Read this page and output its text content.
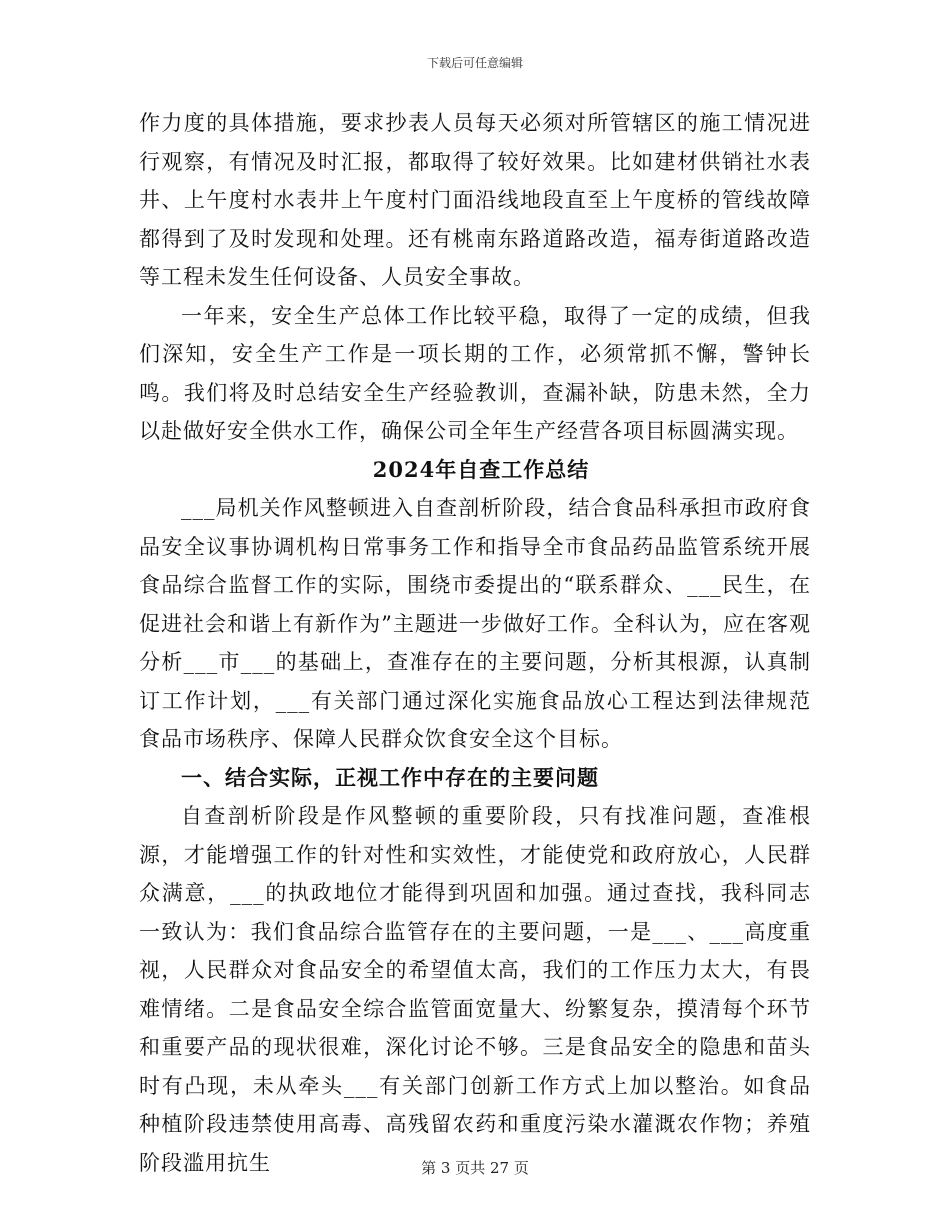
下载后可任意编辑

作力度的具体措施，要求抄表人员每天必须对所管辖区的施工情况进行观察，有情况及时汇报，都取得了较好效果。比如建材供销社水表井、上午度村水表井上午度村门面沿线地段直至上午度桥的管线故障都得到了及时发现和处理。还有桃南东路道路改造，福寿街道路改造等工程未发生任何设备、人员安全事故。

一年来，安全生产总体工作比较平稳，取得了一定的成绩，但我们深知，安全生产工作是一项长期的工作，必须常抓不懈，警钟长鸣。我们将及时总结安全生产经验教训，查漏补缺，防患未然，全力以赴做好安全供水工作，确保公司全年生产经营各项目标圆满实现。

2024年自查工作总结

___局机关作风整顿进入自查剖析阶段，结合食品科承担市政府食品安全议事协调机构日常事务工作和指导全市食品药品监管系统开展食品综合监督工作的实际，围绕市委提出的“联系群众、___民生，在促进社会和谐上有新作为”主题进一步做好工作。全科认为，应在客观分析___市___的基础上，查准存在的主要问题，分析其根源，认真制订工作计划，___有关部门通过深化实施食品放心工程达到法律规范食品市场秩序、保障人民群众饮食安全这个目标。

一、结合实际，正视工作中存在的主要问题

自查剖析阶段是作风整顿的重要阶段，只有找准问题，查准根源，才能增强工作的针对性和实效性，才能使党和政府放心，人民群众满意，___的执政地位才能得到巩固和加强。通过查找，我科同志一致认为：我们食品综合监管存在的主要问题，一是___、___高度重视，人民群众对食品安全的希望值太高，我们的工作压力太大，有畏难情绪。二是食品安全综合监管面宽量大、纷繁复杂，摸清每个环节和重要产品的现状很难，深化讨论不够。三是食品安全的隐患和苗头时有凸现，未从牵头___有关部门创新工作方式上加以整治。如食品种植阶段违禁使用高毒、高残留农药和重度污染水灌溉农作物；养殖阶段滥用抗生	第 3 页共 27 页
